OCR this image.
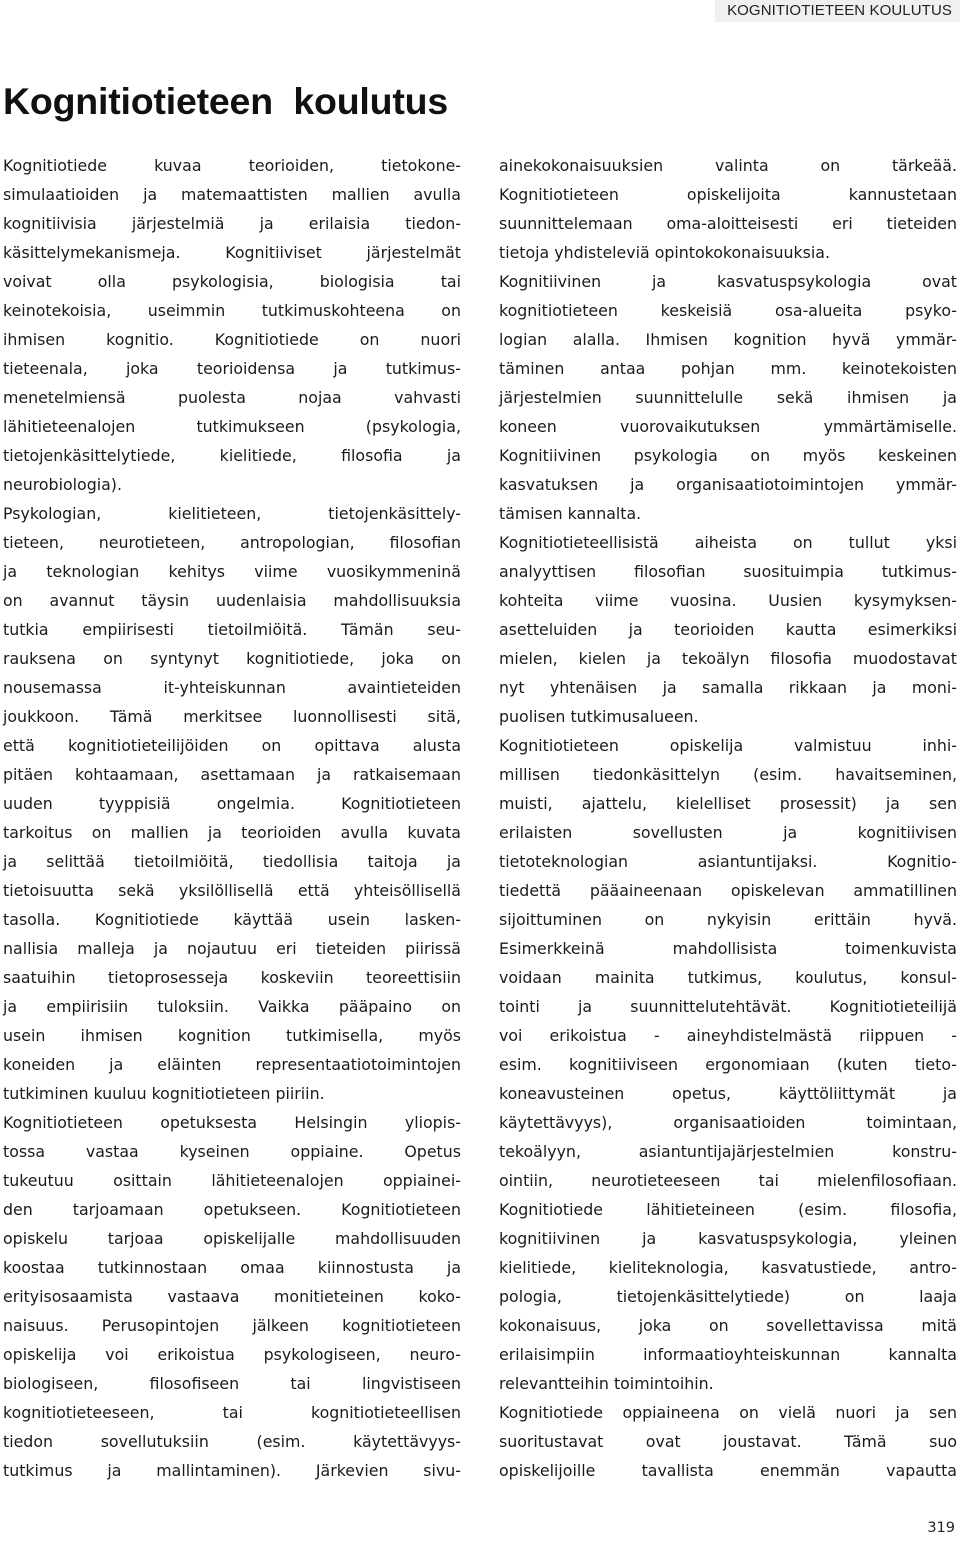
KOGNITIOTIETEEN KOULUTUS
Kognitiotieteen  koulutus

Kognitiotiede kuvaa teorioiden, tietokone-

simulaatioiden ja matemaattisten mallien avulla

kognitiivisia järjestelmiä ja erilaisia tiedon-

käsittelymekanismeja. Kognitiiviset järjestelmät

voivat olla psykologisia, biologisia tai

keinotekoisia, useimmin tutkimuskohteena on

ihmisen kognitio. Kognitiotiede on nuori

tieteenala, joka teorioidensa ja tutkimus-

menetelmiensä puolesta nojaa vahvasti

lähitieteenalojen tutkimukseen (psykologia,

tietojenkäsittelytiede, kielitiede, filosofia ja

neurobiologia).

Psykologian, kielitieteen, tietojenkäsittely-

tieteen, neurotieteen, antropologian, filosofian

ja teknologian kehitys viime vuosikymmeninä

on avannut täysin uudenlaisia mahdollisuuksia

tutkia empiirisesti tietoilmiöitä. Tämän seu-

rauksena on syntynyt kognitiotiede, joka on

nousemassa it-yhteiskunnan avaintieteiden

joukkoon. Tämä merkitsee luonnollisesti sitä,

että kognitiotieteilijöiden on opittava alusta

pitäen kohtaamaan, asettamaan ja ratkaisemaan

uuden tyyppisiä ongelmia. Kognitiotieteen

tarkoitus on mallien ja teorioiden avulla kuvata

ja selittää tietoilmiöitä, tiedollisia taitoja ja

tietoisuutta sekä yksilöllisellä että yhteisöllisellä

tasolla. Kognitiotiede käyttää usein lasken-

nallisia malleja ja nojautuu eri tieteiden piirissä

saatuihin tietoprosesseja koskeviin teoreettisiin

ja empiirisiin tuloksiin. Vaikka pääpaino on

usein ihmisen kognition tutkimisella, myös

koneiden ja eläinten representaatiotoimintojen

tutkiminen kuuluu kognitiotieteen piiriin.

Kognitiotieteen opetuksesta Helsingin yliopis-

tossa vastaa kyseinen oppiaine. Opetus

tukeutuu osittain lähitieteenalojen oppiainei-

den tarjoamaan opetukseen. Kognitiotieteen

opiskelu tarjoaa opiskelijalle mahdollisuuden

koostaa tutkinnostaan omaa kiinnostusta ja

erityisosaamista vastaava monitieteinen koko-

naisuus. Perusopintojen jälkeen kognitiotieteen

opiskelija voi erikoistua psykologiseen, neuro-

biologiseen, filosofiseen tai lingvistiseen

kognitiotieteeseen, tai kognitiotieteellisen

tiedon sovellutuksiin (esim. käytettävyys-

tutkimus ja mallintaminen). Järkevien sivu-

ainekokonaisuuksien valinta on tärkeää.

Kognitiotieteen opiskelijoita kannustetaan

suunnittelemaan oma-aloitteisesti eri tieteiden

tietoja yhdisteleviä opintokokonaisuuksia.

Kognitiivinen ja kasvatuspsykologia ovat

kognitiotieteen keskeisiä osa-alueita psyko-

logian alalla. Ihmisen kognition hyvä ymmär-

täminen antaa pohjan mm. keinotekoisten

järjestelmien suunnittelulle sekä ihmisen ja

koneen vuorovaikutuksen ymmärtämiselle.

Kognitiivinen psykologia on myös keskeinen

kasvatuksen ja organisaatiotoimintojen ymmär-

tämisen kannalta.

Kognitiotieteellisistä aiheista on tullut yksi

analyyttisen filosofian suosituimpia tutkimus-

kohteita viime vuosina. Uusien kysymyksen-

asetteluiden ja teorioiden kautta esimerkiksi

mielen, kielen ja tekoälyn filosofia muodostavat

nyt yhtenäisen ja samalla rikkaan ja moni-

puolisen tutkimusalueen.

Kognitiotieteen opiskelija valmistuu inhi-

millisen tiedonkäsittelyn (esim. havaitseminen,

muisti, ajattelu, kielelliset prosessit) ja sen

erilaisten sovellusten ja kognitiivisen

tietoteknologian asiantuntijaksi. Kognitio-

tiedettä pääaineenaan opiskelevan ammatillinen

sijoittuminen on nykyisin erittäin hyvä.

Esimerkkeinä mahdollisista toimenkuvista

voidaan mainita tutkimus, koulutus, konsul-

tointi ja suunnittelutehtävät. Kognitiotieteilijä

voi erikoistua - aineyhdistelmästä riippuen -

esim. kognitiiviseen ergonomiaan (kuten tieto-

koneavusteinen opetus, käyttöliittymät ja

käytettävyys), organisaatioiden toimintaan,

tekoälyyn, asiantuntijajärjestelmien konstru-

ointiin, neurotieteeseen tai mielenfilosofiaan.

Kognitiotiede lähitieteineen (esim. filosofia,

kognitiivinen ja kasvatuspsykologia, yleinen

kielitiede, kieliteknologia, kasvatustiede, antro-

pologia, tietojenkäsittelytiede) on laaja

kokonaisuus, joka on sovellettavissa mitä

erilaisimpiin informaatioyhteiskunnan kannalta

relevantteihin toimintoihin.

Kognitiotiede oppiaineena on vielä nuori ja sen

suoritustavat ovat joustavat. Tämä suo

opiskelijoille tavallista enemmän vapautta

319
